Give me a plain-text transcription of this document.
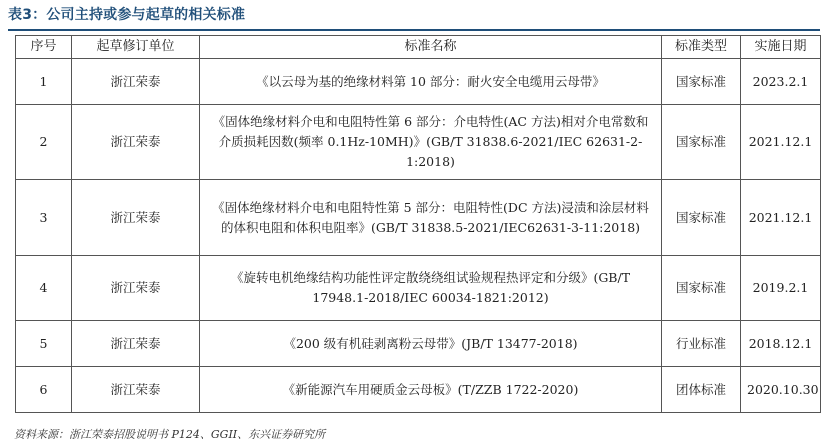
表3：公司主持或参与起草的相关标准
序号	起草修订单位	标准名称	标准类型	实施日期
1	浙江荣泰	《以云母为基的绝缘材料第 10 部分：耐火安全电缆用云母带》	国家标准	2023.2.1
2	浙江荣泰	《固体绝缘材料介电和电阻特性第 6 部分：介电特性(AC 方法)相对介电常数和介质损耗因数(频率 0.1Hz-10MH)》(GB/T 31838.6-2021/IEC 62631-2-1:2018)	国家标准	2021.12.1
3	浙江荣泰	《固体绝缘材料介电和电阻特性第 5 部分：电阻特性(DC 方法)浸渍和涂层材料的体积电阻和体积电阻率》(GB/T 31838.5-2021/IEC62631-3-11:2018)	国家标准	2021.12.1
4	浙江荣泰	《旋转电机绝缘结构功能性评定散绕绕组试验规程热评定和分级》(GB/T 17948.1-2018/IEC 60034-1821:2012)	国家标准	2019.2.1
5	浙江荣泰	《200 级有机硅剥离粉云母带》(JB/T 13477-2018)	行业标准	2018.12.1
6	浙江荣泰	《新能源汽车用硬质金云母板》(T/ZZB 1722-2020)	团体标准	2020.10.30
资料来源：浙江荣泰招股说明书 P124、GGII、东兴证券研究所
